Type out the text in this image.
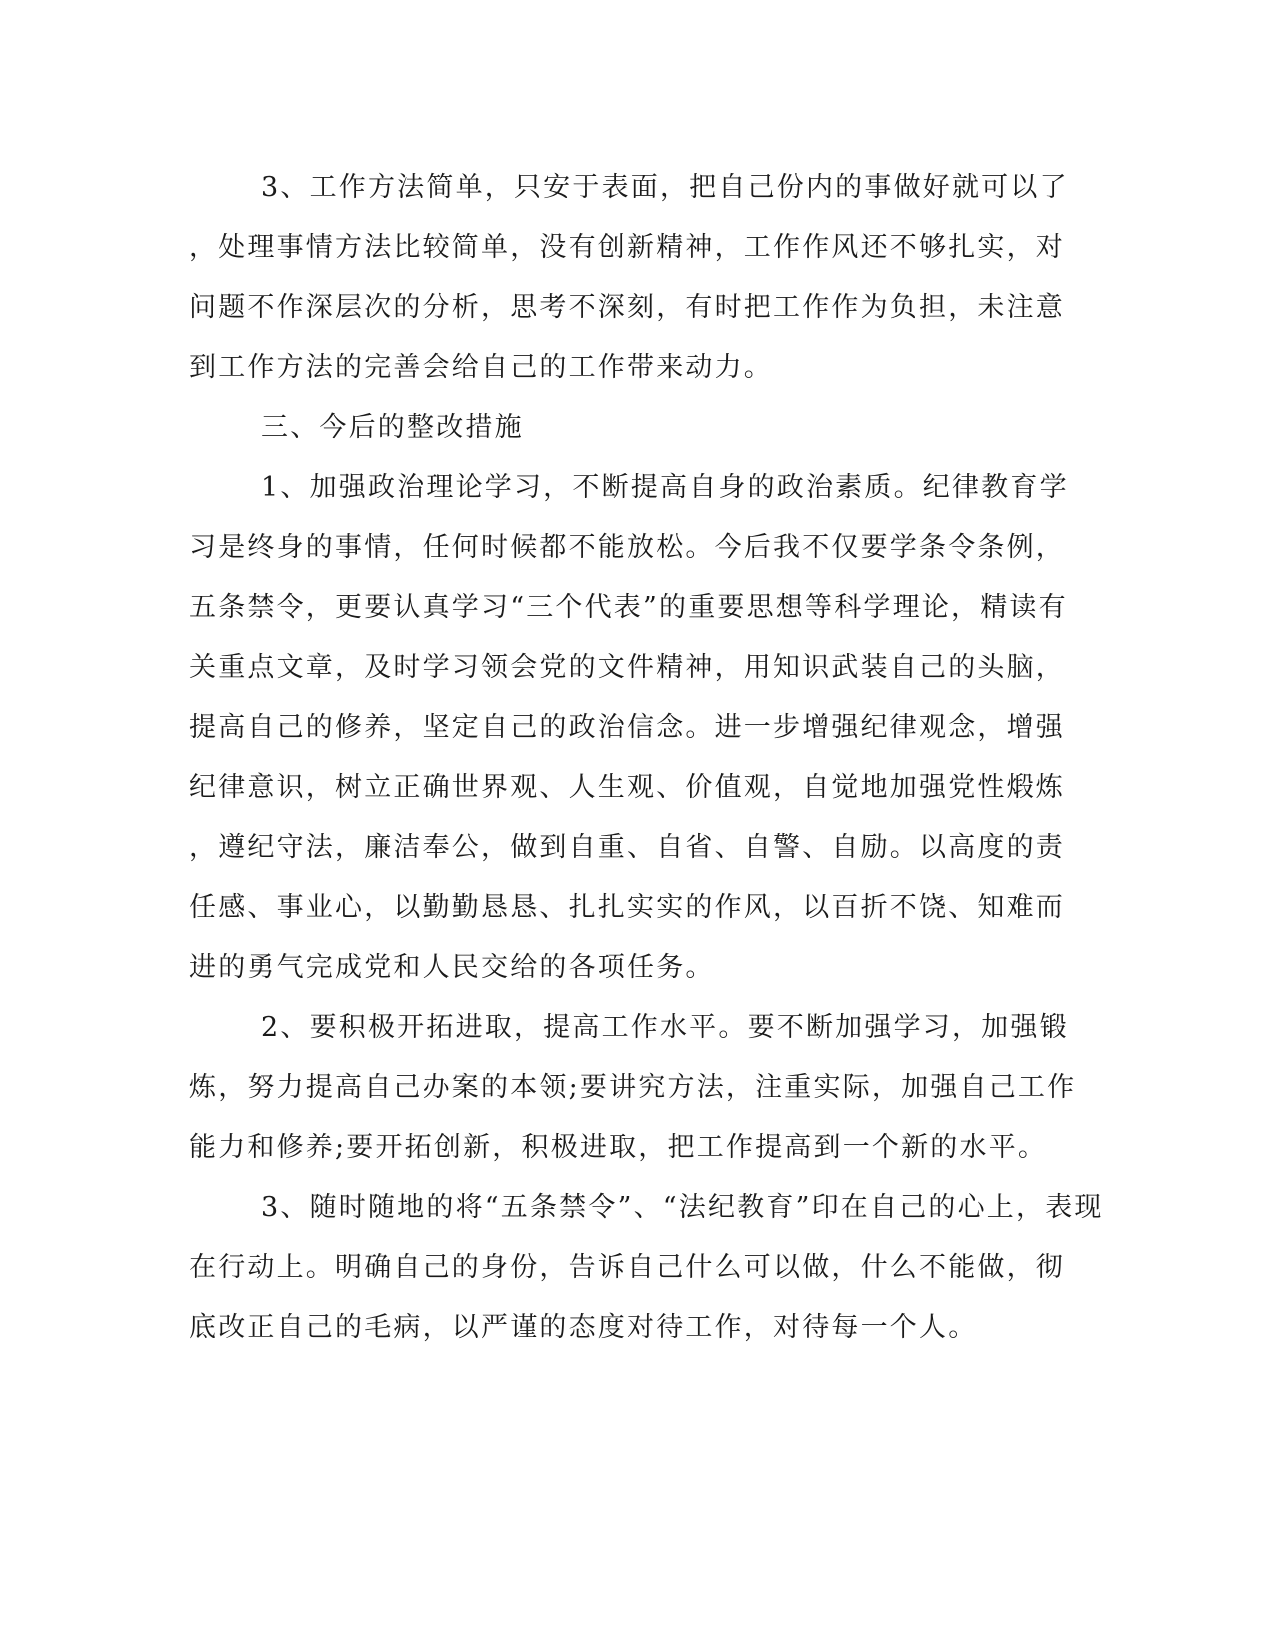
3、工作方法简单，只安于表面，把自己份内的事做好就可以了
，处理事情方法比较简单，没有创新精神，工作作风还不够扎实，对
问题不作深层次的分析，思考不深刻，有时把工作作为负担，未注意
到工作方法的完善会给自己的工作带来动力。
三、今后的整改措施
1、加强政治理论学习，不断提高自身的政治素质。纪律教育学
习是终身的事情，任何时候都不能放松。今后我不仅要学条令条例，
五条禁令，更要认真学习“三个代表”的重要思想等科学理论，精读有
关重点文章，及时学习领会党的文件精神，用知识武装自己的头脑，
提高自己的修养，坚定自己的政治信念。进一步增强纪律观念，增强
纪律意识，树立正确世界观、人生观、价值观，自觉地加强党性煅炼
，遵纪守法，廉洁奉公，做到自重、自省、自警、自励。以高度的责
任感、事业心，以勤勤恳恳、扎扎实实的作风，以百折不饶、知难而
进的勇气完成党和人民交给的各项任务。
2、要积极开拓进取，提高工作水平。要不断加强学习，加强锻
炼，努力提高自己办案的本领;要讲究方法，注重实际，加强自己工作
能力和修养;要开拓创新，积极进取，把工作提高到一个新的水平。
3、随时随地的将“五条禁令”、“法纪教育”印在自己的心上，表现
在行动上。明确自己的身份，告诉自己什么可以做，什么不能做，彻
底改正自己的毛病，以严谨的态度对待工作，对待每一个人。
